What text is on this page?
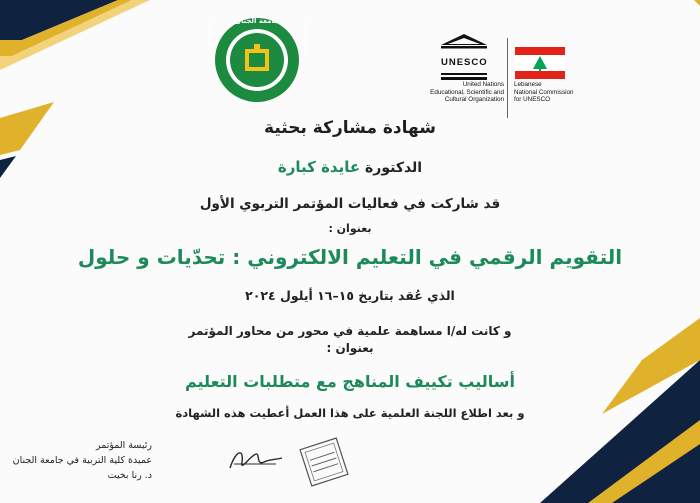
جامعة الجنان
Jinan University	Université Jinan
UNESCO
United Nations
Educational, Scientific and
Cultural Organization
Lebanese
National Commission
for UNESCO
شهادة مشاركة بحثية
الدكتورة عايدة كبارة
قد شاركت في فعاليات المؤتمر التربوي الأول
بعنوان :
التقويم الرقمي في التعليم الالكتروني : تحدّيات و حلول
الذي عُقد بتاريخ ١٥–١٦ أيلول ٢٠٢٤
و كانت له/ا مساهمة علمية في محور من محاور المؤتمر
بعنوان :
أساليب تكييف المناهج مع متطلبات التعليم
و بعد اطلاع اللجنة العلمية على هذا العمل أعطيت هذه الشهادة
رئيسة المؤتمر
عميدة كلية التربية في جامعة الجنان
د. رنا بخيت
